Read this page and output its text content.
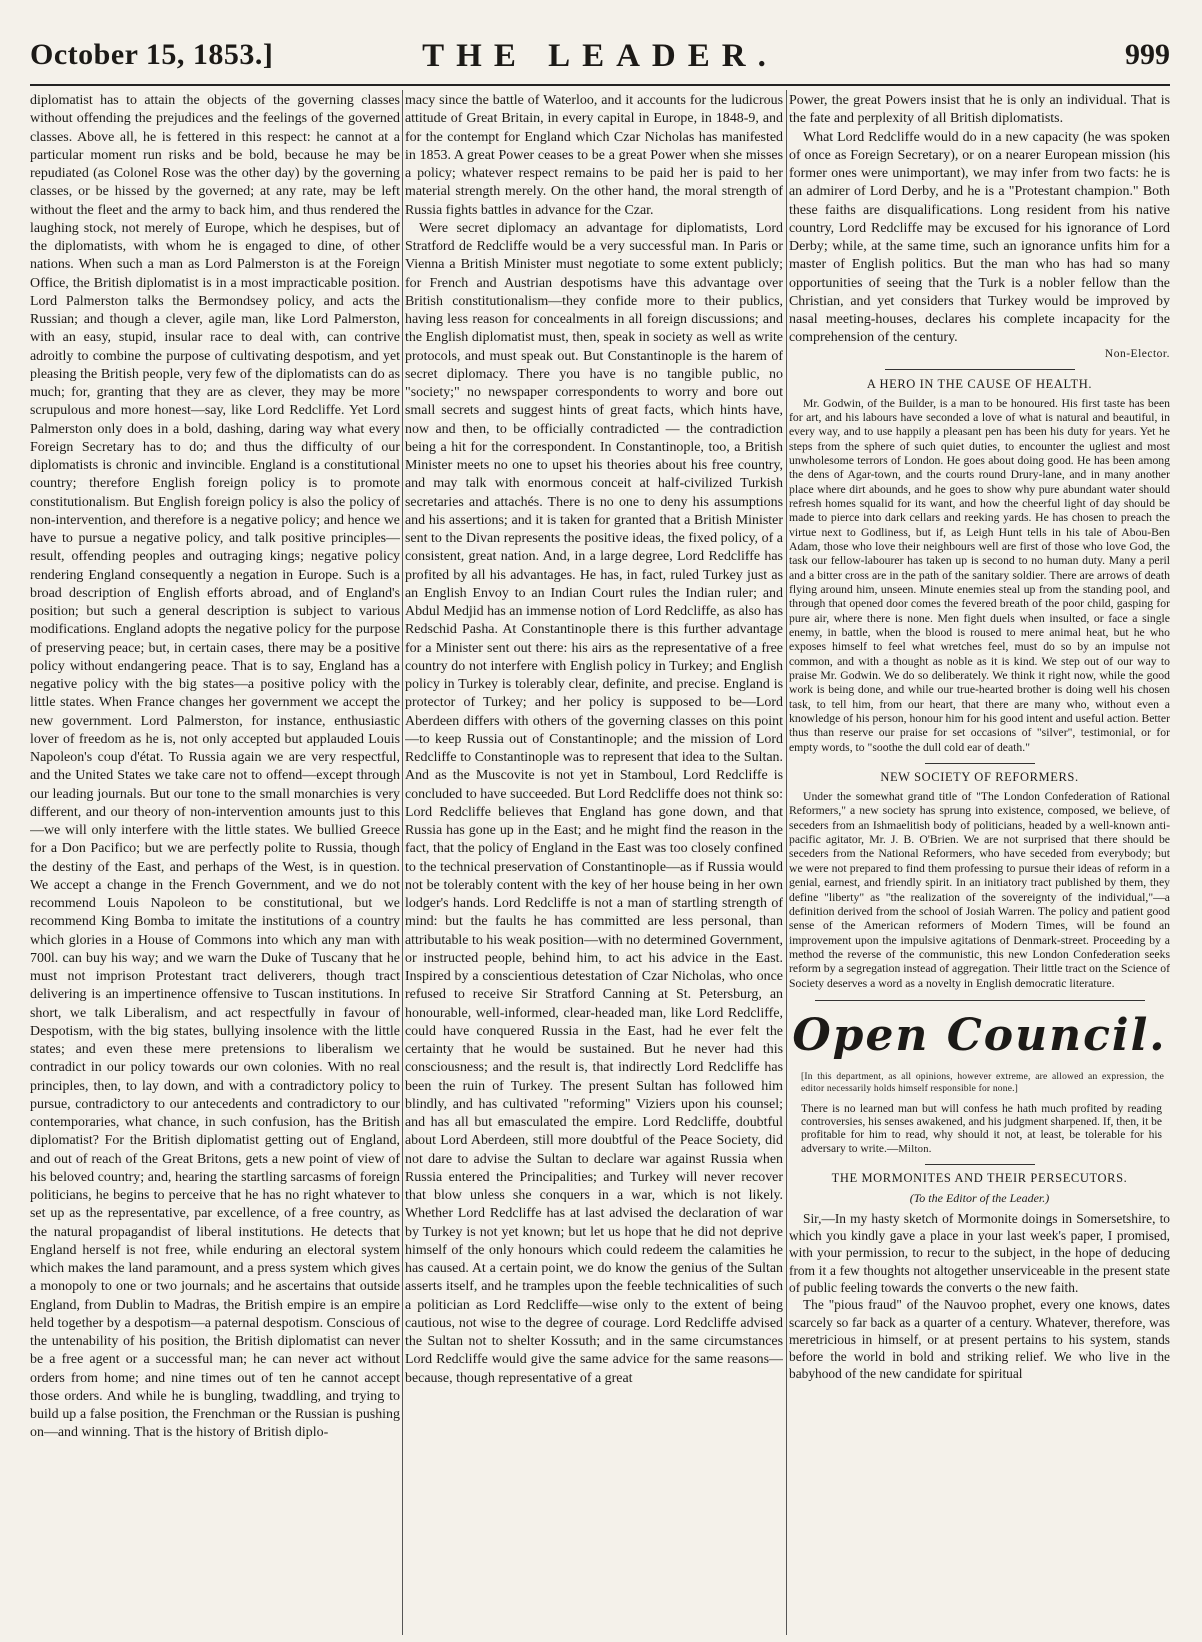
October 15, 1853.]	THE LEADER.	999

diplomatist has to attain the objects of the governing classes without offending the prejudices and the feelings of the governed classes. Above all, he is fettered in this respect: he cannot at a particular moment run risks and be bold, because he may be repudiated (as Colonel Rose was the other day) by the governing classes, or be hissed by the governed; at any rate, may be left without the fleet and the army to back him, and thus rendered the laughing stock, not merely of Europe, which he despises, but of the diplomatists, with whom he is engaged to dine, of other nations. When such a man as Lord Palmerston is at the Foreign Office, the British diplomatist is in a most impracticable position. Lord Palmerston talks the Bermondsey policy, and acts the Russian; and though a clever, agile man, like Lord Palmerston, with an easy, stupid, insular race to deal with, can contrive adroitly to combine the purpose of cultivating despotism, and yet pleasing the British people, very few of the diplomatists can do as much; for, granting that they are as clever, they may be more scrupulous and more honest—say, like Lord Redcliffe. Yet Lord Palmerston only does in a bold, dashing, daring way what every Foreign Secretary has to do; and thus the difficulty of our diplomatists is chronic and invincible. England is a constitutional country; therefore English foreign policy is to promote constitutionalism. But English foreign policy is also the policy of non-intervention, and therefore is a negative policy; and hence we have to pursue a negative policy, and talk positive principles—result, offending peoples and outraging kings; negative policy rendering England consequently a negation in Europe. Such is a broad description of English efforts abroad, and of England's position; but such a general description is subject to various modifications. England adopts the negative policy for the purpose of preserving peace; but, in certain cases, there may be a positive policy without endangering peace. That is to say, England has a negative policy with the big states—a positive policy with the little states. When France changes her government we accept the new government. Lord Palmerston, for instance, enthusiastic lover of freedom as he is, not only accepted but applauded Louis Napoleon's coup d'état. To Russia again we are very respectful, and the United States we take care not to offend—except through our leading journals. But our tone to the small monarchies is very different, and our theory of non-intervention amounts just to this—we will only interfere with the little states. We bullied Greece for a Don Pacifico; but we are perfectly polite to Russia, though the destiny of the East, and perhaps of the West, is in question. We accept a change in the French Government, and we do not recommend Louis Napoleon to be constitutional, but we recommend King Bomba to imitate the institutions of a country which glories in a House of Commons into which any man with 700l. can buy his way; and we warn the Duke of Tuscany that he must not imprison Protestant tract deliverers, though tract delivering is an impertinence offensive to Tuscan institutions. In short, we talk Liberalism, and act respectfully in favour of Despotism, with the big states, bullying insolence with the little states; and even these mere pretensions to liberalism we contradict in our policy towards our own colonies. With no real principles, then, to lay down, and with a contradictory policy to pursue, contradictory to our antecedents and contradictory to our contemporaries, what chance, in such confusion, has the British diplomatist? For the British diplomatist getting out of England, and out of reach of the Great Britons, gets a new point of view of his beloved country; and, hearing the startling sarcasms of foreign politicians, he begins to perceive that he has no right whatever to set up as the representative, par excellence, of a free country, as the natural propagandist of liberal institutions. He detects that England herself is not free, while enduring an electoral system which makes the land paramount, and a press system which gives a monopoly to one or two journals; and he ascertains that outside England, from Dublin to Madras, the British empire is an empire held together by a despotism—a paternal despotism. Conscious of the untenability of his position, the British diplomatist can never be a free agent or a successful man; he can never act without orders from home; and nine times out of ten he cannot accept those orders. And while he is bungling, twaddling, and trying to build up a false position, the Frenchman or the Russian is pushing on—and winning. That is the history of British diplo-

macy since the battle of Waterloo, and it accounts for the ludicrous attitude of Great Britain, in every capital in Europe, in 1848-9, and for the contempt for England which Czar Nicholas has manifested in 1853. A great Power ceases to be a great Power when she misses a policy; whatever respect remains to be paid her is paid to her material strength merely. On the other hand, the moral strength of Russia fights battles in advance for the Czar.

Were secret diplomacy an advantage for diplomatists, Lord Stratford de Redcliffe would be a very successful man. In Paris or Vienna a British Minister must negotiate to some extent publicly; for French and Austrian despotisms have this advantage over British constitutionalism—they confide more to their publics, having less reason for concealments in all foreign discussions; and the English diplomatist must, then, speak in society as well as write protocols, and must speak out. But Constantinople is the harem of secret diplomacy. There you have is no tangible public, no "society;" no newspaper correspondents to worry and bore out small secrets and suggest hints of great facts, which hints have, now and then, to be officially contradicted — the contradiction being a hit for the correspondent. In Constantinople, too, a British Minister meets no one to upset his theories about his free country, and may talk with enormous conceit at half-civilized Turkish secretaries and attachés. There is no one to deny his assumptions and his assertions; and it is taken for granted that a British Minister sent to the Divan represents the positive ideas, the fixed policy, of a consistent, great nation. And, in a large degree, Lord Redcliffe has profited by all his advantages. He has, in fact, ruled Turkey just as an English Envoy to an Indian Court rules the Indian ruler; and Abdul Medjid has an immense notion of Lord Redcliffe, as also has Redschid Pasha. At Constantinople there is this further advantage for a Minister sent out there: his airs as the representative of a free country do not interfere with English policy in Turkey; and English policy in Turkey is tolerably clear, definite, and precise. England is protector of Turkey; and her policy is supposed to be—Lord Aberdeen differs with others of the governing classes on this point—to keep Russia out of Constantinople; and the mission of Lord Redcliffe to Constantinople was to represent that idea to the Sultan. And as the Muscovite is not yet in Stamboul, Lord Redcliffe is concluded to have succeeded. But Lord Redcliffe does not think so: Lord Redcliffe believes that England has gone down, and that Russia has gone up in the East; and he might find the reason in the fact, that the policy of England in the East was too closely confined to the technical preservation of Constantinople—as if Russia would not be tolerably content with the key of her house being in her own lodger's hands. Lord Redcliffe is not a man of startling strength of mind: but the faults he has committed are less personal, than attributable to his weak position—with no determined Government, or instructed people, behind him, to act his advice in the East. Inspired by a conscientious detestation of Czar Nicholas, who once refused to receive Sir Stratford Canning at St. Petersburg, an honourable, well-informed, clear-headed man, like Lord Redcliffe, could have conquered Russia in the East, had he ever felt the certainty that he would be sustained. But he never had this consciousness; and the result is, that indirectly Lord Redcliffe has been the ruin of Turkey. The present Sultan has followed him blindly, and has cultivated "reforming" Viziers upon his counsel; and has all but emasculated the empire. Lord Redcliffe, doubtful about Lord Aberdeen, still more doubtful of the Peace Society, did not dare to advise the Sultan to declare war against Russia when Russia entered the Principalities; and Turkey will never recover that blow unless she conquers in a war, which is not likely. Whether Lord Redcliffe has at last advised the declaration of war by Turkey is not yet known; but let us hope that he did not deprive himself of the only honours which could redeem the calamities he has caused. At a certain point, we do know the genius of the Sultan asserts itself, and he tramples upon the feeble technicalities of such a politician as Lord Redcliffe—wise only to the extent of being cautious, not wise to the degree of courage. Lord Redcliffe advised the Sultan not to shelter Kossuth; and in the same circumstances Lord Redcliffe would give the same advice for the same reasons—because, though representative of a great

Power, the great Powers insist that he is only an individual. That is the fate and perplexity of all British diplomatists.

What Lord Redcliffe would do in a new capacity (he was spoken of once as Foreign Secretary), or on a nearer European mission (his former ones were unimportant), we may infer from two facts: he is an admirer of Lord Derby, and he is a "Protestant champion." Both these faiths are disqualifications. Long resident from his native country, Lord Redcliffe may be excused for his ignorance of Lord Derby; while, at the same time, such an ignorance unfits him for a master of English politics. But the man who has had so many opportunities of seeing that the Turk is a nobler fellow than the Christian, and yet considers that Turkey would be improved by nasal meeting-houses, declares his complete incapacity for the comprehension of the century.

Non-Elector.
A HERO IN THE CAUSE OF HEALTH.

Mr. Godwin, of the Builder, is a man to be honoured. His first taste has been for art, and his labours have seconded a love of what is natural and beautiful, in every way, and to use happily a pleasant pen has been his duty for years. Yet he steps from the sphere of such quiet duties, to encounter the ugliest and most unwholesome terrors of London. He goes about doing good. He has been among the dens of Agar-town, and the courts round Drury-lane, and in many another place where dirt abounds, and he goes to show why pure abundant water should refresh homes squalid for its want, and how the cheerful light of day should be made to pierce into dark cellars and reeking yards. He has chosen to preach the virtue next to Godliness, but if, as Leigh Hunt tells in his tale of Abou-Ben Adam, those who love their neighbours well are first of those who love God, the task our fellow-labourer has taken up is second to no human duty. Many a peril and a bitter cross are in the path of the sanitary soldier. There are arrows of death flying around him, unseen. Minute enemies steal up from the standing pool, and through that opened door comes the fevered breath of the poor child, gasping for pure air, where there is none. Men fight duels when insulted, or face a single enemy, in battle, when the blood is roused to mere animal heat, but he who exposes himself to feel what wretches feel, must do so by an impulse not common, and with a thought as noble as it is kind. We step out of our way to praise Mr. Godwin. We do so deliberately. We think it right now, while the good work is being done, and while our true-hearted brother is doing well his chosen task, to tell him, from our heart, that there are many who, without even a knowledge of his person, honour him for his good intent and useful action. Better thus than reserve our praise for set occasions of "silver", testimonial, or for empty words, to "soothe the dull cold ear of death."

NEW SOCIETY OF REFORMERS.

Under the somewhat grand title of "The London Confederation of Rational Reformers," a new society has sprung into existence, composed, we believe, of seceders from an Ishmaelitish body of politicians, headed by a well-known anti-pacific agitator, Mr. J. B. O'Brien. We are not surprised that there should be seceders from the National Reformers, who have seceded from everybody; but we were not prepared to find them professing to pursue their ideas of reform in a genial, earnest, and friendly spirit. In an initiatory tract published by them, they define "liberty" as "the realization of the sovereignty of the individual,"—a definition derived from the school of Josiah Warren. The policy and patient good sense of the American reformers of Modern Times, will be found an improvement upon the impulsive agitations of Denmark-street. Proceeding by a method the reverse of the communistic, this new London Confederation seeks reform by a segregation instead of aggregation. Their little tract on the Science of Society deserves a word as a novelty in English democratic literature.

Open Council.
[In this department, as all opinions, however extreme, are allowed an expression, the editor necessarily holds himself responsible for none.]
There is no learned man but will confess he hath much profited by reading controversies, his senses awakened, and his judgment sharpened. If, then, it be profitable for him to read, why should it not, at least, be tolerable for his adversary to write.—Milton.
THE MORMONITES AND THEIR PERSECUTORS.
(To the Editor of the Leader.)

Sir,—In my hasty sketch of Mormonite doings in Somersetshire, to which you kindly gave a place in your last week's paper, I promised, with your permission, to recur to the subject, in the hope of deducing from it a few thoughts not altogether unserviceable in the present state of public feeling towards the converts o the new faith.

The "pious fraud" of the Nauvoo prophet, every one knows, dates scarcely so far back as a quarter of a century. Whatever, therefore, was meretricious in himself, or at present pertains to his system, stands before the world in bold and striking relief. We who live in the babyhood of the new candidate for spiritual
